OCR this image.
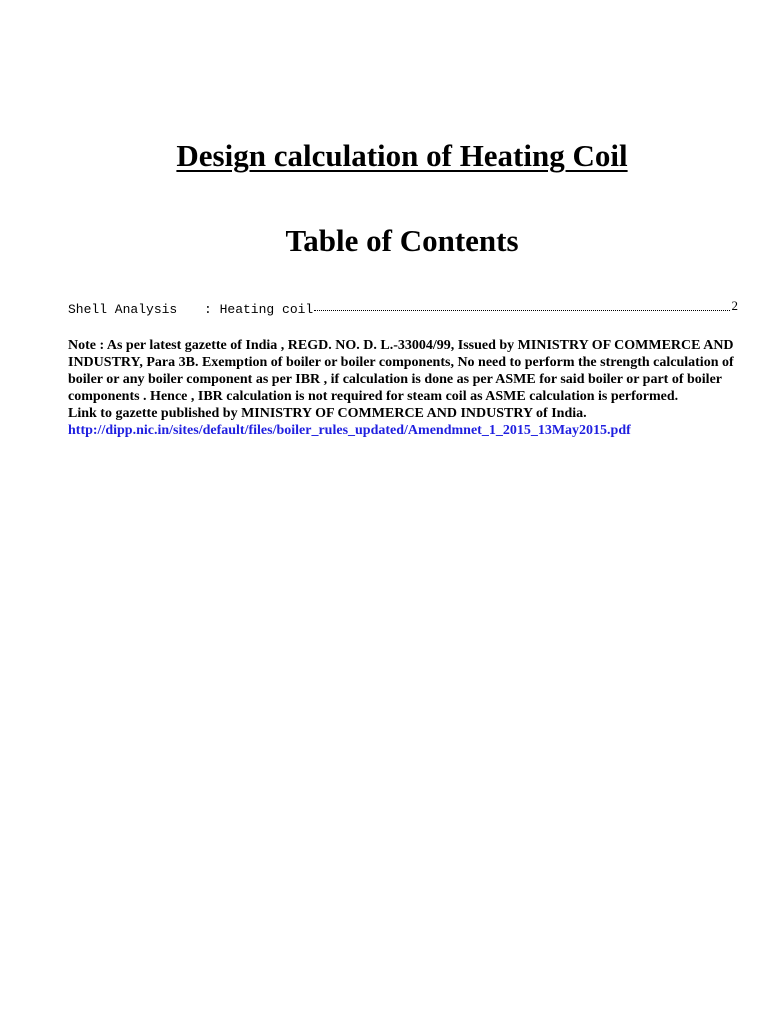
Design calculation of Heating Coil
Table of Contents
Shell Analysis	: Heating coil	2

Note : As per latest gazette of India , REGD. NO. D. L.-33004/99, Issued by MINISTRY OF COMMERCE AND INDUSTRY, Para 3B. Exemption of boiler or boiler components, No need to perform the strength calculation of boiler or any boiler component as per IBR , if calculation is done as per ASME for said boiler or part of boiler components . Hence , IBR calculation is not required for steam coil as ASME calculation is performed.

Link to gazette published by MINISTRY OF COMMERCE AND INDUSTRY of India.

http://dipp.nic.in/sites/default/files/boiler_rules_updated/Amendmnet_1_2015_13May2015.pdf
